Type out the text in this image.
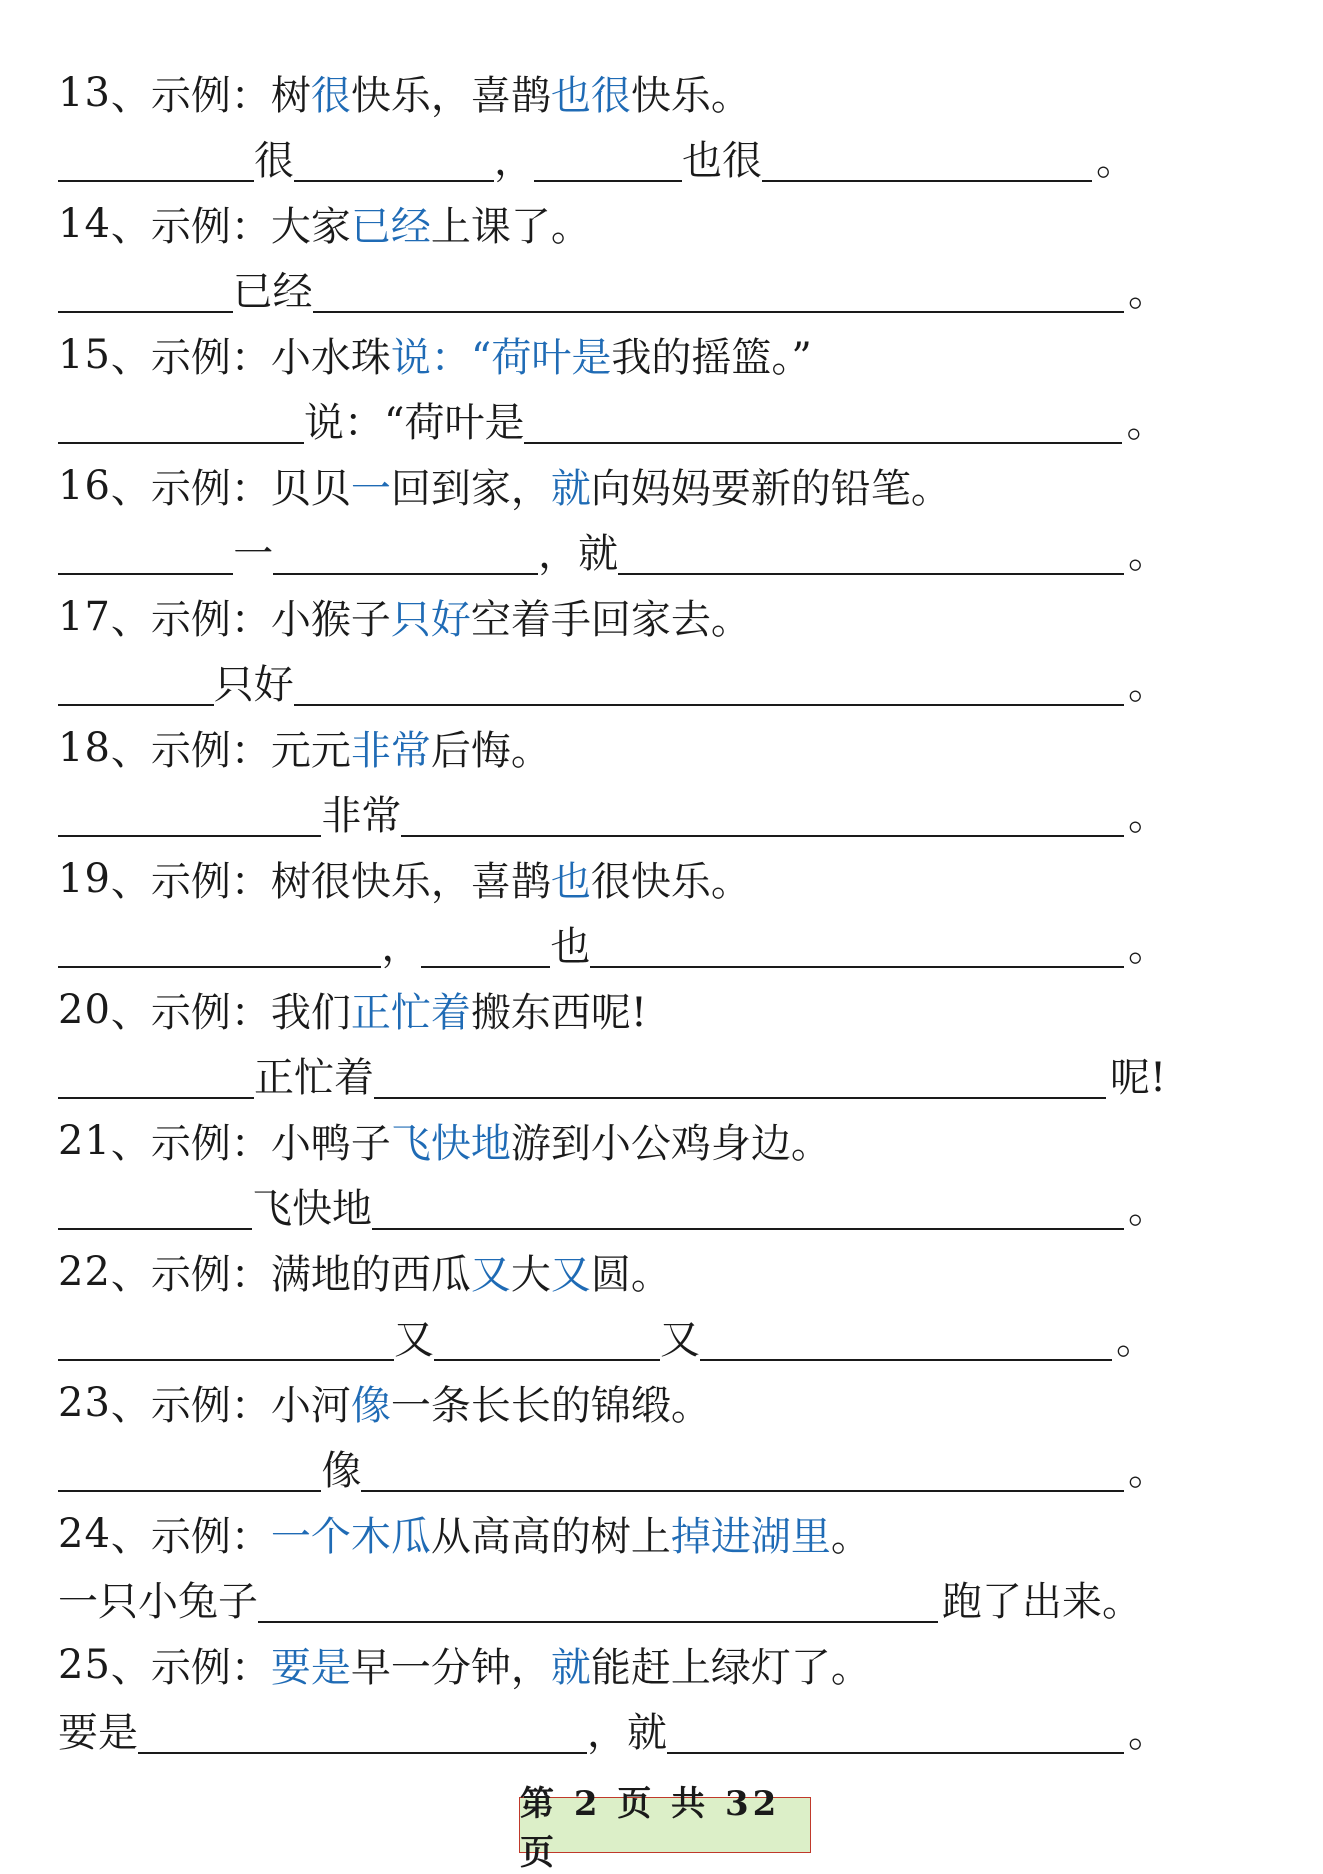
13 、示例： 树 很 快乐，喜鹊 也很 快乐。
很	，	也很	。
14 、示例： 大家 已经 上课了。
已经	。
15 、示例： 小水珠 说：“荷叶是 我的摇篮。”
说：“荷叶是	。
16 、示例： 贝贝 一 回到家， 就 向妈妈要新的铅笔。
一	，就	。
17 、示例： 小猴子 只好 空着手回家去。
只好	。
18 、示例： 元元 非常 后悔。
非常	。
19 、示例： 树很快乐，喜鹊 也 很快乐。
，	也	。
20 、示例： 我们 正忙着 搬东西呢!
正忙着	呢!
21 、示例： 小鸭子 飞快地 游到小公鸡身边。
飞快地	。
22 、示例： 满地的西瓜 又 大 又 圆。
又	又	。
23 、示例： 小河 像 一条长长的锦缎。
像	。
24 、示例： 一个木瓜 从高高的树上 掉进湖里 。
一只小兔子	跑了出来。
25 、示例： 要是 早一分钟， 就 能赶上绿灯了。
要是	，就	。
第 2 页 共 32 页
